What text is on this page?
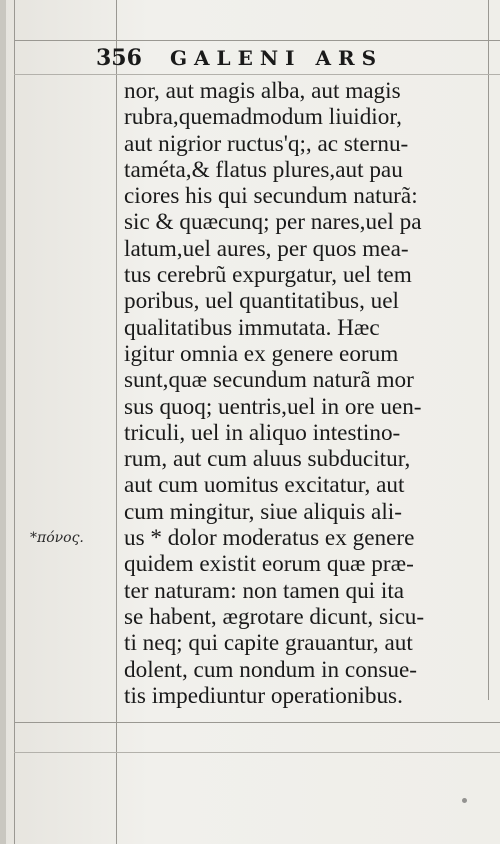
356 GALENI ARS
*πόνος.
nor, aut magis alba, aut magis
rubra,quemadmodum liuidior,
aut nigrior ructus'q;, ac sternu-
taméta,& flatus plures,aut pau
ciores his qui secundum naturã:
sic & quæcunq; per nares,uel pa
latum,uel aures, per quos mea-
tus cerebrũ expurgatur, uel tem
poribus, uel quantitatibus, uel
qualitatibus immutata. Hæc
igitur omnia ex genere eorum
sunt,quæ secundum naturã mor
sus quoq; uentris,uel in ore uen-
triculi, uel in aliquo intestino-
rum, aut cum aluus subducitur,
aut cum uomitus excitatur, aut
cum mingitur, siue aliquis ali-
us * dolor moderatus ex genere
quidem existit eorum quæ præ-
ter naturam: non tamen qui ita
se habent, ægrotare dicunt, sicu-
ti neq; qui capite grauantur, aut
dolent, cum nondum in consue-
tis impediuntur operationibus.
